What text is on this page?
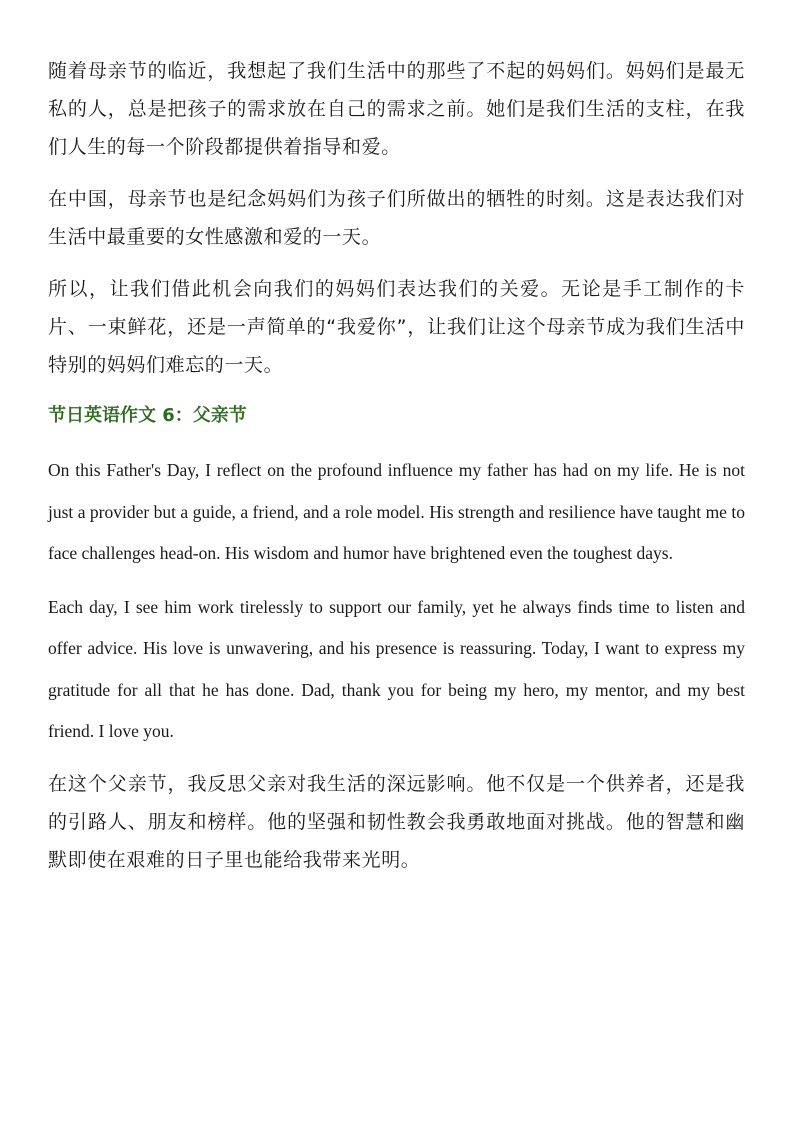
随着母亲节的临近，我想起了我们生活中的那些了不起的妈妈们。妈妈们是最无私的人，总是把孩子的需求放在自己的需求之前。她们是我们生活的支柱，在我们人生的每一个阶段都提供着指导和爱。

在中国，母亲节也是纪念妈妈们为孩子们所做出的牺牲的时刻。这是表达我们对生活中最重要的女性感激和爱的一天。

所以，让我们借此机会向我们的妈妈们表达我们的关爱。无论是手工制作的卡片、一束鲜花，还是一声简单的“我爱你”，让我们让这个母亲节成为我们生活中特别的妈妈们难忘的一天。

节日英语作文 6：父亲节

On this Father's Day, I reflect on the profound influence my father has had on my life. He is not just a provider but a guide, a friend, and a role model. His strength and resilience have taught me to face challenges head-on. His wisdom and humor have brightened even the toughest days.

Each day, I see him work tirelessly to support our family, yet he always finds time to listen and offer advice. His love is unwavering, and his presence is reassuring. Today, I want to express my gratitude for all that he has done. Dad, thank you for being my hero, my mentor, and my best friend. I love you.

在这个父亲节，我反思父亲对我生活的深远影响。他不仅是一个供养者，还是我的引路人、朋友和榜样。他的坚强和韧性教会我勇敢地面对挑战。他的智慧和幽默即使在艰难的日子里也能给我带来光明。
